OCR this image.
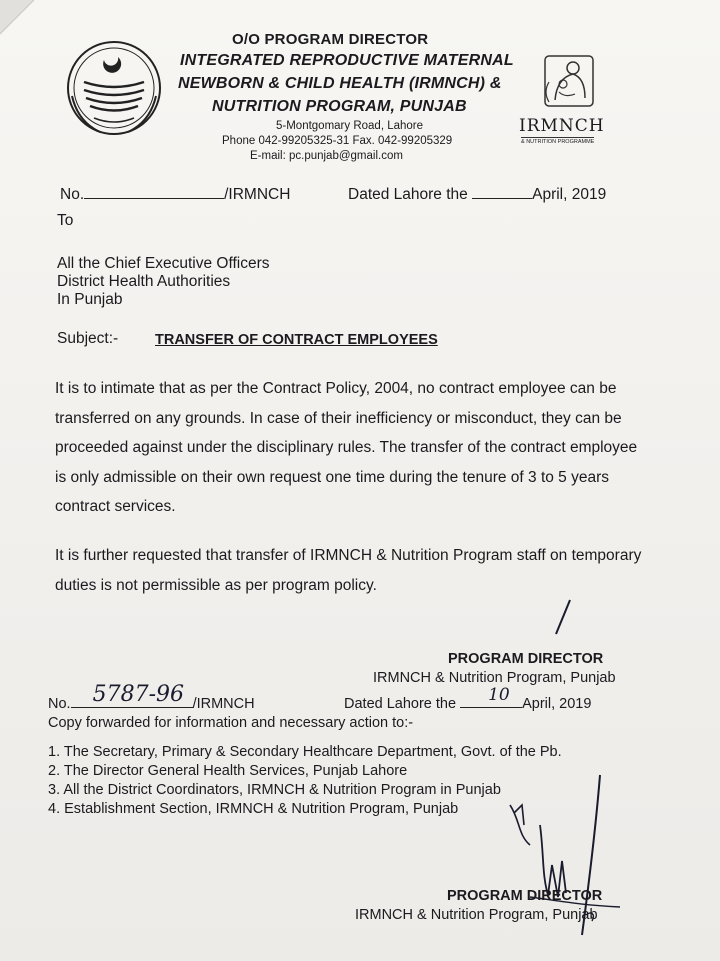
O/O PROGRAM DIRECTOR
INTEGRATED REPRODUCTIVE MATERNAL
NEWBORN & CHILD HEALTH (IRMNCH) &
NUTRITION PROGRAM, PUNJAB
5-Montgomary Road, Lahore
Phone 042-99205325-31 Fax. 042-99205329
E-mail: pc.punjab@gmail.com
IRMNCH
& NUTRITION PROGRAMME
No.	/IRMNCH	Dated Lahore the	April, 2019
To
All the Chief Executive Officers
District Health Authorities
In Punjab
Subject:-	TRANSFER OF CONTRACT EMPLOYEES

It is to intimate that as per the Contract Policy, 2004, no contract employee can be transferred on any grounds. In case of their inefficiency or misconduct, they can be proceeded against under the disciplinary rules. The transfer of the contract employee is only admissible on their own request one time during the tenure of 3 to 5 years contract services.

It is further requested that transfer of IRMNCH & Nutrition Program staff on temporary duties is not permissible as per program policy.

PROGRAM DIRECTOR
IRMNCH & Nutrition Program, Punjab
No. 5787-96 /IRMNCH	Dated Lahore the 10 April, 2019
Copy forwarded for information and necessary action to:-
1. The Secretary, Primary & Secondary Healthcare Department, Govt. of the Pb.
2. The Director General Health Services, Punjab Lahore
3. All the District Coordinators, IRMNCH & Nutrition Program in Punjab
4. Establishment Section, IRMNCH & Nutrition Program, Punjab
PROGRAM DIRECTOR
IRMNCH & Nutrition Program, Punjab
